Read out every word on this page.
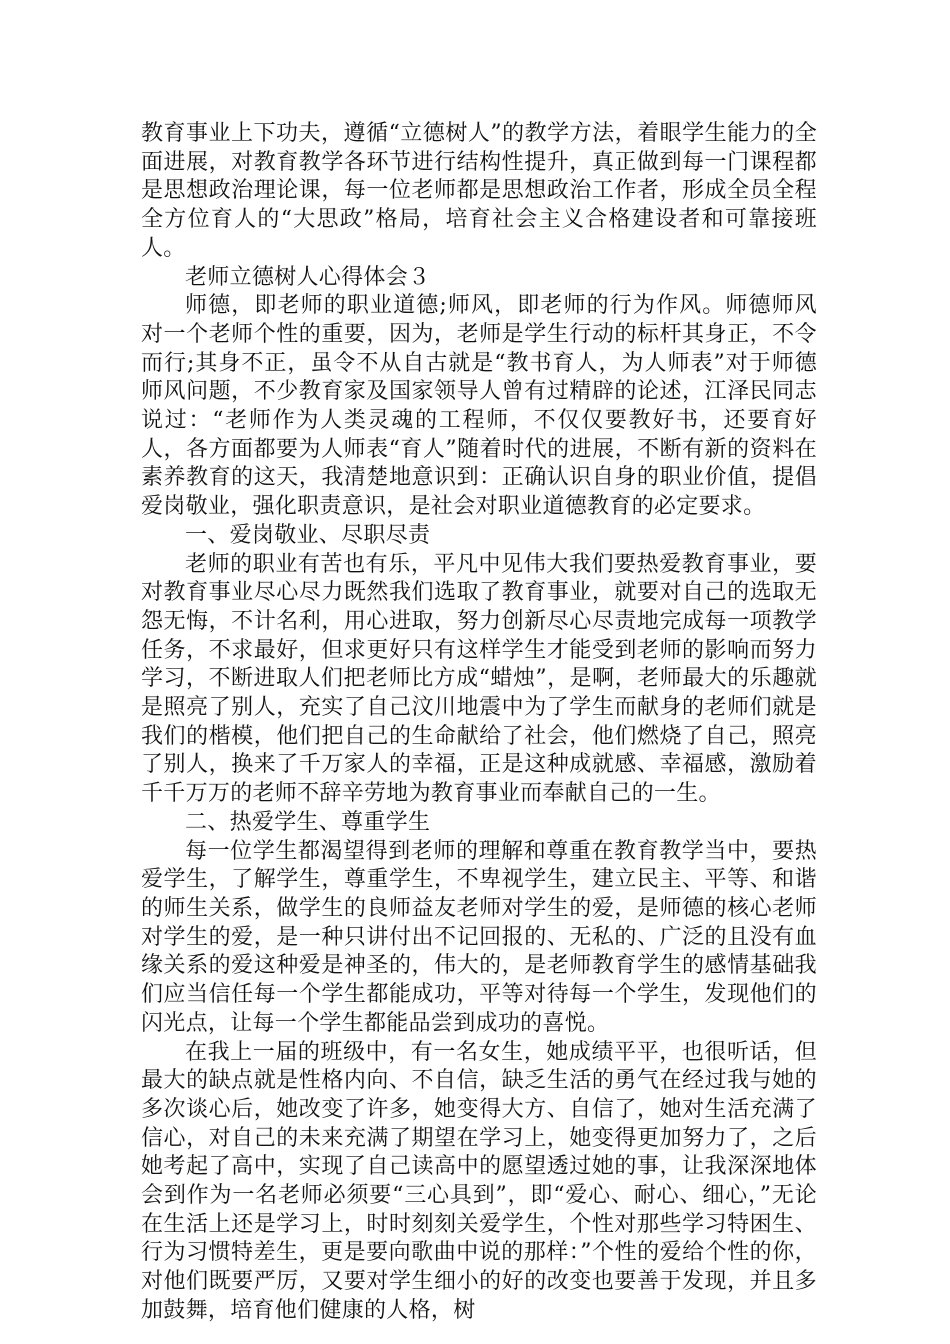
教育事业上下功夫，遵循“立德树人”的教学方法，着眼学生能力的全面进展，对教育教学各环节进行结构性提升，真正做到每一门课程都是思想政治理论课，每一位老师都是思想政治工作者，形成全员全程全方位育人的“大思政”格局，培育社会主义合格建设者和可靠接班人。

老师立德树人心得体会３

师德，即老师的职业道德;师风，即老师的行为作风。师德师风对一个老师个性的重要，因为，老师是学生行动的标杆其身正，不令而行;其身不正，虽令不从自古就是“教书育人，为人师表”对于师德师风问题，不少教育家及国家领导人曾有过精辟的论述，江泽民同志说过：“老师作为人类灵魂的工程师，不仅仅要教好书，还要育好人，各方面都要为人师表“育人”随着时代的进展，不断有新的资料在素养教育的这天，我清楚地意识到：正确认识自身的职业价值，提倡爱岗敬业，强化职责意识，是社会对职业道德教育的必定要求。

一、爱岗敬业、尽职尽责

老师的职业有苦也有乐，平凡中见伟大我们要热爱教育事业，要对教育事业尽心尽力既然我们选取了教育事业，就要对自己的选取无怨无悔，不计名利，用心进取，努力创新尽心尽责地完成每一项教学任务，不求最好，但求更好只有这样学生才能受到老师的影响而努力学习，不断进取人们把老师比方成“蜡烛”，是啊，老师最大的乐趣就是照亮了别人，充实了自己汶川地震中为了学生而献身的老师们就是我们的楷模，他们把自己的生命献给了社会，他们燃烧了自己，照亮了别人，换来了千万家人的幸福，正是这种成就感、幸福感，激励着千千万万的老师不辞辛劳地为教育事业而奉献自己的一生。

二、热爱学生、尊重学生

每一位学生都渴望得到老师的理解和尊重在教育教学当中，要热爱学生，了解学生，尊重学生，不卑视学生，建立民主、平等、和谐的师生关系，做学生的良师益友老师对学生的爱，是师德的核心老师对学生的爱，是一种只讲付出不记回报的、无私的、广泛的且没有血缘关系的爱这种爱是神圣的，伟大的，是老师教育学生的感情基础我们应当信任每一个学生都能成功，平等对待每一个学生，发现他们的闪光点，让每一个学生都能品尝到成功的喜悦。

在我上一届的班级中，有一名女生，她成绩平平，也很听话，但最大的缺点就是性格内向、不自信，缺乏生活的勇气在经过我与她的多次谈心后，她改变了许多，她变得大方、自信了，她对生活充满了信心，对自己的未来充满了期望在学习上，她变得更加努力了，之后她考起了高中，实现了自己读高中的愿望透过她的事，让我深深地体会到作为一名老师必须要“三心具到”，即“爱心、耐心、细心，”无论在生活上还是学习上，时时刻刻关爱学生，个性对那些学习特困生、行为习惯特差生，更是要向歌曲中说的那样：”个性的爱给个性的你，对他们既要严厉，又要对学生细小的好的改变也要善于发现，并且多加鼓舞，培育他们健康的人格，树
